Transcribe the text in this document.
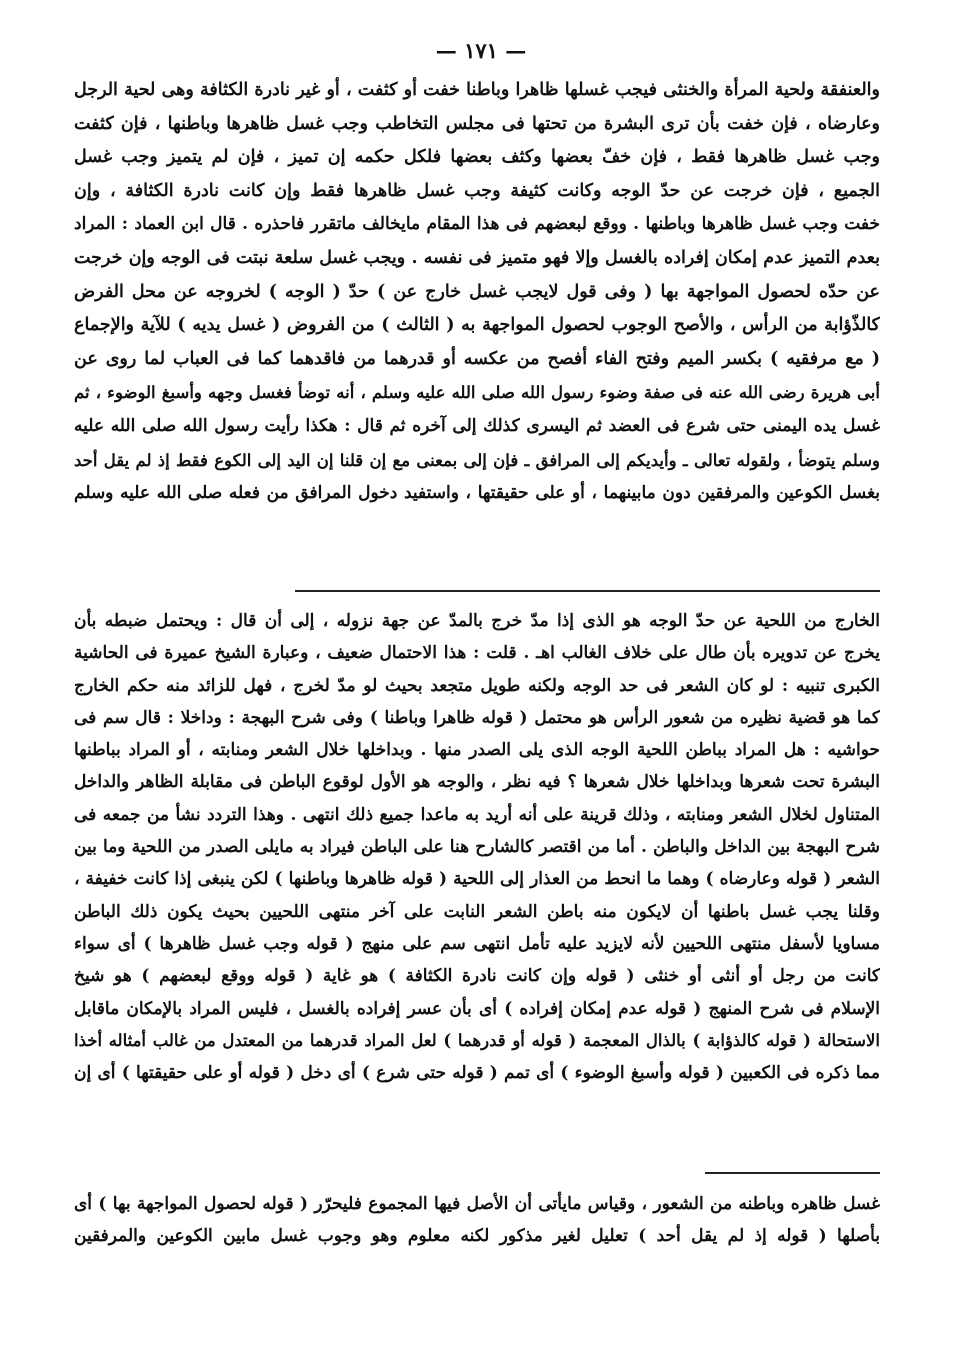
— ١٧١ —
والعنفقة ولحية المرأة والخنثى فيجب غسلها ظاهرا وباطنا خفت أو كثفت ، أو غير نادرة الكثافة وهى لحية الرجل
وعارضاه ، فإن خفت بأن ترى البشرة من تحتها فى مجلس التخاطب وجب غسل ظاهرها وباطنها ، فإن كثفت
وجب غسل ظاهرها فقط ، فإن خفّ بعضها وكثف بعضها فلكل حكمه إن تميز ، فإن لم يتميز وجب غسل
الجميع ، فإن خرجت عن حدّ الوجه وكانت كثيفة وجب غسل ظاهرها فقط وإن كانت نادرة الكثافة ، وإن
خفت وجب غسل ظاهرها وباطنها . ووقع لبعضهم فى هذا المقام مايخالف ماتقرر فاحذره . قال ابن العماد : المراد
بعدم التميز عدم إمكان إفراده بالغسل وإلا فهو متميز فى نفسه . ويجب غسل سلعة نبتت فى الوجه وإن خرجت
عن حدّه لحصول المواجهة بها ( وفى قول لايجب غسل خارج عن ) حدّ ( الوجه ) لخروجه عن محل الفرض
كالذّؤابة من الرأس ، والأصح الوجوب لحصول المواجهة به ( الثالث ) من الفروض ( غسل يديه ) للآية والإجماع
( مع مرفقيه ) بكسر الميم وفتح الفاء أفصح من عكسه أو قدرهما من فاقدهما كما فى العباب لما روى عن
أبى هريرة رضى الله عنه فى صفة وضوء رسول الله صلى الله عليه وسلم ، أنه توضأ فغسل وجهه وأسبغ الوضوء ، ثم
غسل يده اليمنى حتى شرع فى العضد ثم اليسرى كذلك إلى آخره ثم قال : هكذا رأيت رسول الله صلى الله عليه
وسلم يتوضأ ، ولقوله تعالى ـ وأيديكم إلى المرافق ـ فإن إلى بمعنى مع إن قلنا إن اليد إلى الكوع فقط إذ لم يقل أحد
بغسل الكوعين والمرفقين دون مابينهما ، أو على حقيقتها ، واستفيد دخول المرافق من فعله صلى الله عليه وسلم
الخارج من اللحية عن حدّ الوجه هو الذى إذا مدّ خرج بالمدّ عن جهة نزوله ، إلى أن قال : ويحتمل ضبطه بأن
يخرج عن تدويره بأن طال على خلاف الغالب اهـ . قلت : هذا الاحتمال ضعيف ، وعبارة الشيخ عميرة فى الحاشية
الكبرى تنبيه : لو كان الشعر فى حد الوجه ولكنه طويل متجعد بحيث لو مدّ لخرج ، فهل للزائد منه حكم الخارج
كما هو قضية نظيره من شعور الرأس هو محتمل ( قوله ظاهرا وباطنا ) وفى شرح البهجة : وداخلا : قال سم فى
حواشيه : هل المراد بباطن اللحية الوجه الذى يلى الصدر منها . وبداخلها خلال الشعر ومنابته ، أو المراد بباطنها
البشرة تحت شعرها وبداخلها خلال شعرها ؟ فيه نظر ، والوجه هو الأول لوقوع الباطن فى مقابلة الظاهر والداخل
المتناول لخلال الشعر ومنابته ، وذلك قرينة على أنه أريد به ماعدا جميع ذلك انتهى . وهذا التردد نشأ من جمعه فى
شرح البهجة بين الداخل والباطن . أما من اقتصر كالشارح هنا على الباطن فيراد به مايلى الصدر من اللحية وما بين
الشعر ( قوله وعارضاه ) وهما ما انحط من العذار إلى اللحية ( قوله ظاهرها وباطنها ) لكن ينبغى إذا كانت خفيفة ،
وقلنا يجب غسل باطنها أن لايكون منه باطن الشعر النابت على آخر منتهى اللحيين بحيث يكون ذلك الباطن
مساويا لأسفل منتهى اللحيين لأنه لايزيد عليه تأمل انتهى سم على منهج ( قوله وجب غسل ظاهرها ) أى سواء
كانت من رجل أو أنثى أو خنثى ( قوله وإن كانت نادرة الكثافة ) هو غاية ( قوله ووقع لبعضهم ) هو شيخ
الإسلام فى شرح المنهج ( قوله عدم إمكان إفراده ) أى بأن عسر إفراده بالغسل ، فليس المراد بالإمكان ماقابل
الاستحالة ( قوله كالذؤابة ) بالذال المعجمة ( قوله أو قدرهما ) لعل المراد قدرهما من المعتدل من غالب أمثاله أخذا
مما ذكره فى الكعبين ( قوله وأسبغ الوضوء ) أى تمم ( قوله حتى شرع ) أى دخل ( قوله أو على حقيقتها ) أى إن
غسل ظاهره وباطنه من الشعور ، وقياس مايأتى أن الأصل فيها المجموع فليحرّر ( قوله لحصول المواجهة بها ) أى
بأصلها ( قوله إذ لم يقل أحد ) تعليل لغير مذكور لكنه معلوم وهو وجوب غسل مابين الكوعين والمرفقين
